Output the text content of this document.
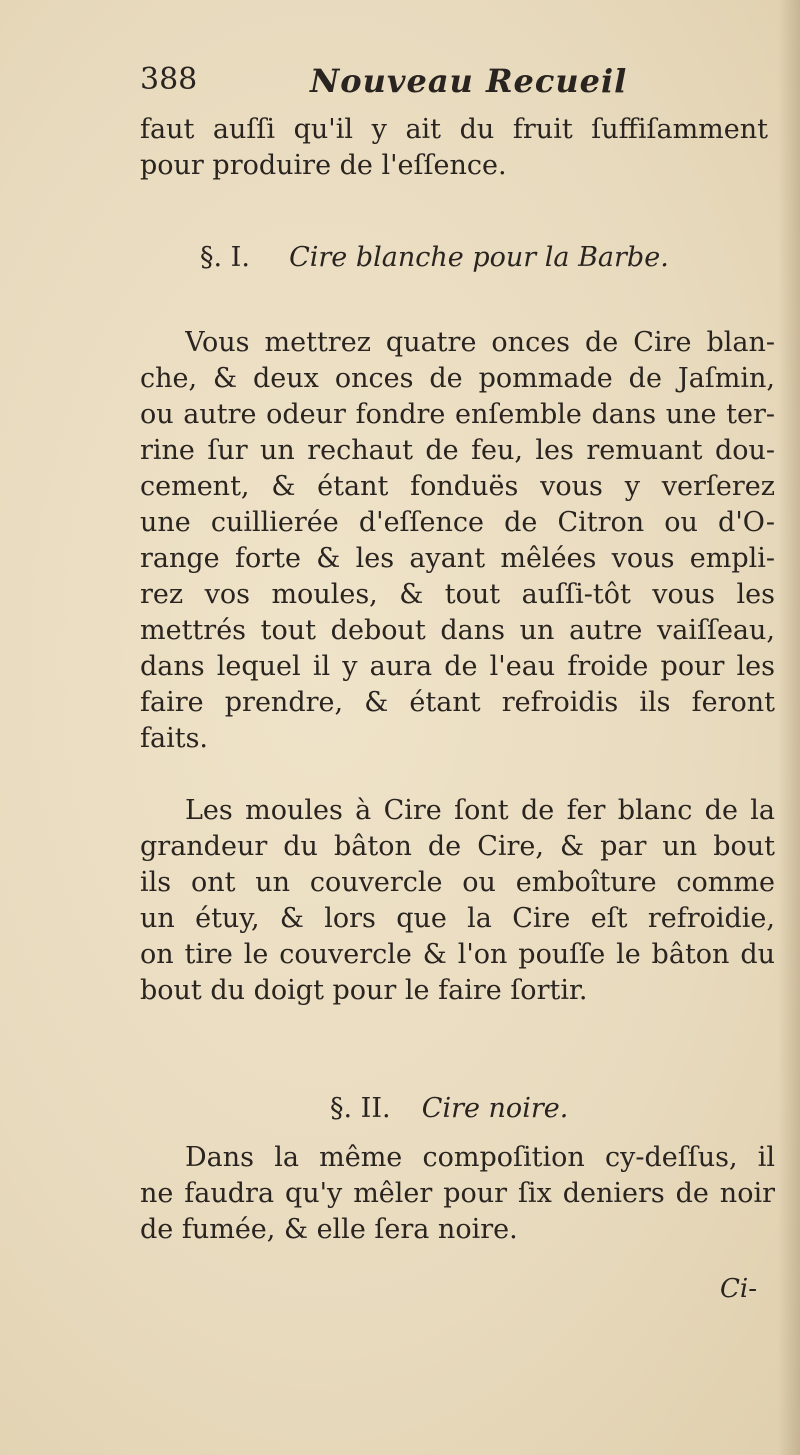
388	Nouveau Recueil
faut auſſi qu'il y ait du fruit ſuffiſamment
pour produire de l'eſſence.
§. I. Cire blanche pour la Barbe.
Vous mettrez quatre onces de Cire blan-
che, & deux onces de pommade de Jaſmin,
ou autre odeur fondre enſemble dans une ter-
rine ſur un rechaut de feu, les remuant dou-
cement, & étant fonduës vous y verſerez
une cuillierée d'eſſence de Citron ou d'O-
range forte & les ayant mêlées vous empli-
rez vos moules, & tout auſſi-tôt vous les
mettrés tout debout dans un autre vaiſſeau,
dans lequel il y aura de l'eau froide pour les
faire prendre, & étant refroidis ils feront
faits.
Les moules à Cire ſont de fer blanc de la
grandeur du bâton de Cire, & par un bout
ils ont un couvercle ou emboîture comme
un étuy, & lors que la Cire eſt refroidie,
on tire le couvercle & l'on pouſſe le bâton du
bout du doigt pour le faire ſortir.
§. II. Cire noire.
Dans la même compoſition cy-deſſus, il
ne faudra qu'y mêler pour ſix deniers de noir
de fumée, & elle ſera noire.
Ci-
